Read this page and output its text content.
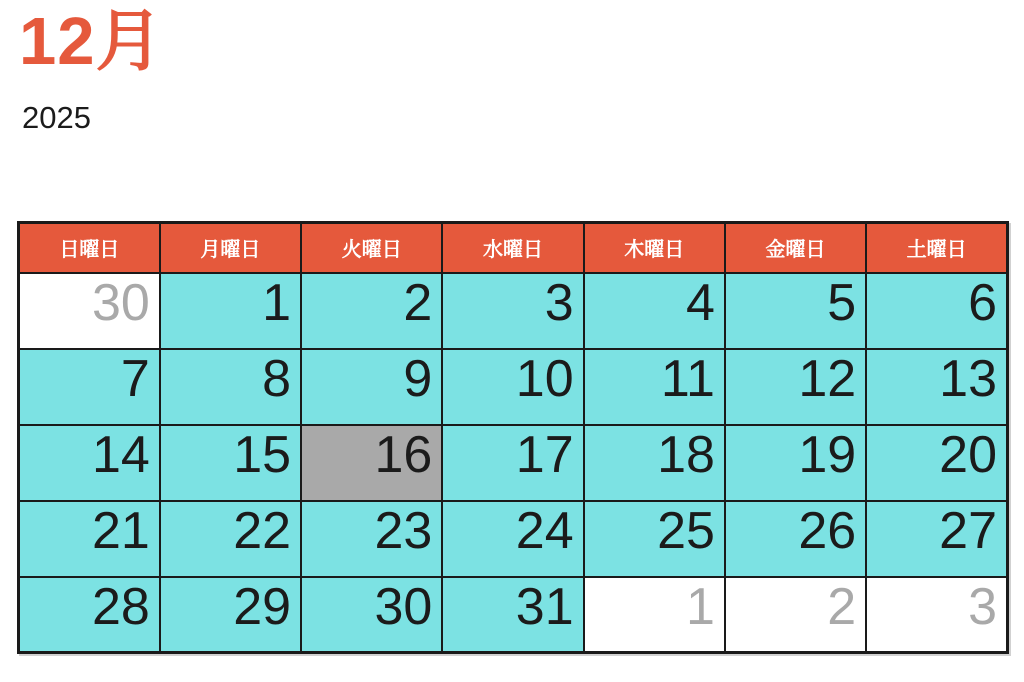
12月
2025
日曜日	月曜日	火曜日	水曜日	木曜日	金曜日	土曜日
30	1	2	3	4	5	6
7	8	9	10	11	12	13
14	15	16	17	18	19	20
21	22	23	24	25	26	27
28	29	30	31	1	2	3
